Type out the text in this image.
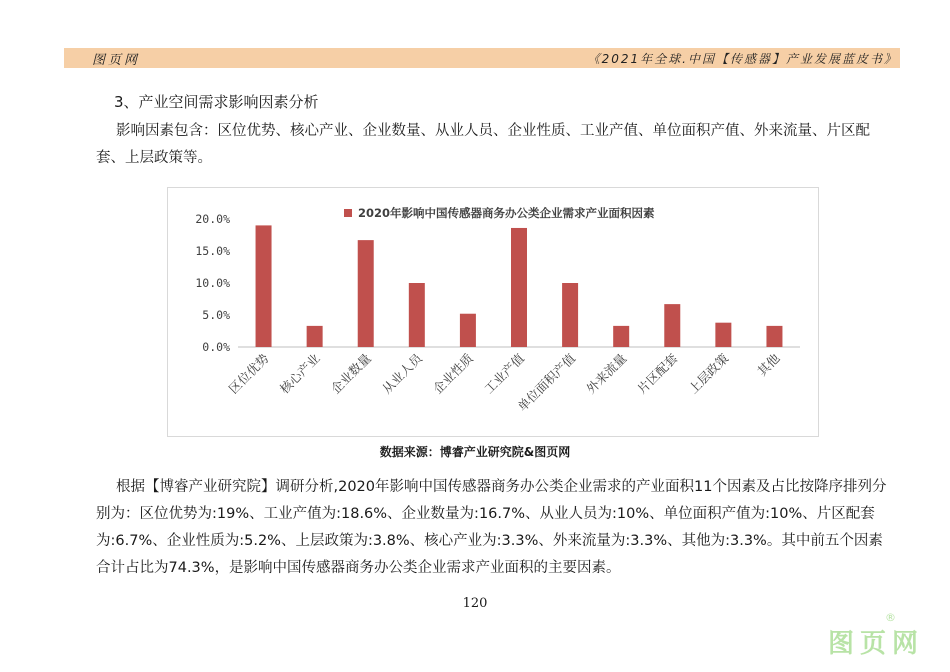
图页网	《2021年全球.中国【传感器】产业发展蓝皮书》
3、产业空间需求影响因素分析
影响因素包含：区位优势、核心产业、企业数量、从业人员、企业性质、工业产值、单位面积产值、外来流量、片区配套、上层政策等。
0.0%
5.0%
10.0%
15.0%
20.0%
区位优势 核心产业 企业数量 从业人员 企业性质 工业产值
单位面积产值 外来流量 片区配套 上层政策 其他
2020年影响中国传感器商务办公类企业需求产业面积因素
数据来源：博睿产业研究院&图页网
根据【博睿产业研究院】调研分析,2020年影响中国传感器商务办公类企业需求的产业面积11个因素及占比按降序排列分别为：区位优势为:19%、工业产值为:18.6%、企业数量为:16.7%、从业人员为:10%、单位面积产值为:10%、片区配套为:6.7%、企业性质为:5.2%、上层政策为:3.8%、核心产业为:3.3%、外来流量为:3.3%、其他为:3.3%。其中前五个因素合计占比为74.3%，是影响中国传感器商务办公类企业需求产业面积的主要因素。
120
图页网
®
